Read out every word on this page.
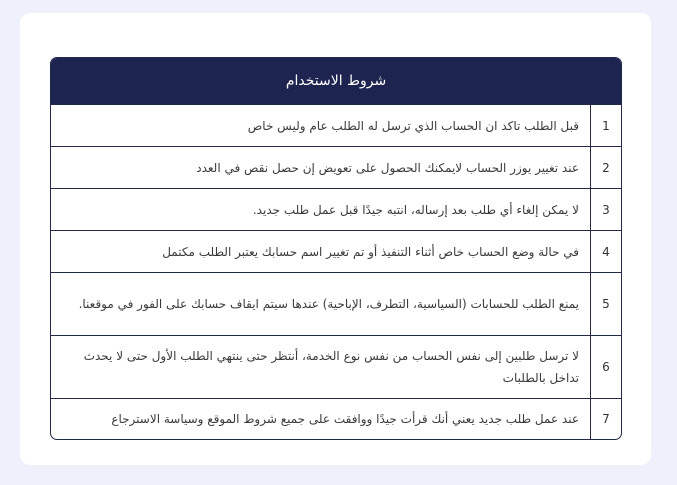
شروط الاستخدام
1
قبل الطلب تاكد ان الحساب الذي ترسل له الطلب عام وليس خاص
2
عند تغيير يوزر الحساب لايمكنك الحصول على تعويض إن حصل نقص في العدد
3
لا يمكن إلغاء أي طلب بعد إرساله، انتبه جيدًا قبل عمل طلب جديد.
4
في حالة وضع الحساب خاص أثناء التنفيذ أو تم تغيير اسم حسابك يعتبر الطلب مكتمل
5
يمنع الطلب للحسابات (السياسية، التطرف، الإباحية) عندها سيتم ايقاف حسابك على الفور في موقعنا.
6
لا ترسل طلبين إلى نفس الحساب من نفس نوع الخدمة، أنتظر حتى ينتهي الطلب الأول حتى لا يحدث تداخل بالطلبات
7
عند عمل طلب جديد يعني أنك قرأت جيدًا ووافقت على جميع شروط الموقع وسياسة الاسترجاع
